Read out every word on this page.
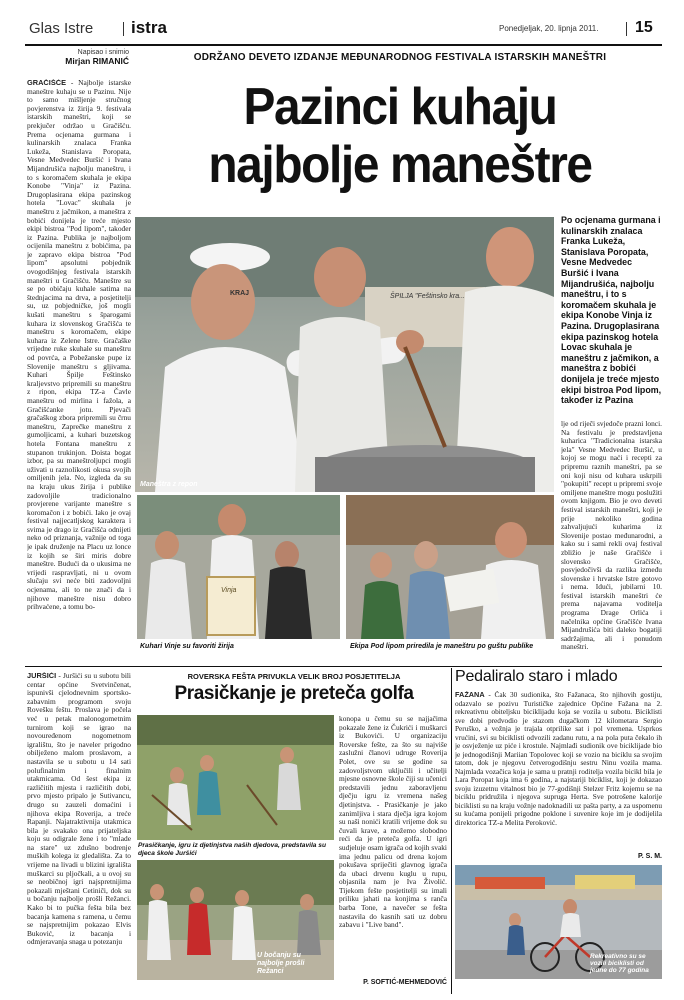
Glas Istre istra	Ponedjeljak, 20. lipnja 2011. 15
Napisao i snimio
Mirjan RIMANIĆ	ODRŽANO DEVETO IZDANJE MEĐUNARODNOG FESTIVALA ISTARSKIH MANEŠTRI
Pazinci kuhaju
najbolje maneštre
GRAČIŠĆE - Najbolje istarske maneštre kuhaju se u Pazinu. Nije to samo mišljenje stručnog povjerenstva iz žirija 9. festivala istarskih maneštri, koji se prekjučer održao u Gračišću. Prema ocjenama gurmana i kulinarskih znalaca Franka Lukeža, Stanislava Poropata, Vesne Medvedec Buršić i Ivana Mijandrušića najbolju maneštru, i to s koromačem skuhala je ekipa Konobe "Vinja" iz Pazina. Drugoplasirana ekipa pazinskog hotela "Lovac" skuhala je maneštru z jačmikon, a maneštra z bobići donijela je treće mjesto ekipi bistroa "Pod lipom", također iz Pazina. Publika je najboljom ocijenila maneštru z bobićima, pa je zapravo ekipa bistroa "Pod lipom" apsolutni pobjednik ovogodišnjeg festivala istarskih maneštri u Gračišću. Maneštre su se po običaju kuhale satima na štednjacima na drva, a posjetitelji su, uz pobjedničke, još mogli kušati maneštru s šparogami kuhara iz slovenskog Gračišća te maneštru s koromačem, ekipe kuhara iz Zelene Istre. Gračaške vrijedne ruke skuhale su maneštru od povrća, a Pobežanske pupe iz Slovenije maneštru s gljivama. Kuhari Špilje Feštinsko kraljevstvo pripremili su maneštru z ripon, ekipa TZ-a Čavle maneštru od mirlina i fažola, a Gračišćanke jotu. Pjevači gračaškog zbora pripremili su črnu maneštru, Zaprečke maneštru z gumoljicami, a kuhari buzetskog hotela Fontana maneštru z stupanon trukinjon. Doista bogat izbor, pa su maneštroljupci mogli uživati u raznolikosti okusa svojih omiljenih jela. No, izgleda da su na kraju ukus žirija i publike zadovoljile tradicionalno provjerene varijante maneštre s koromačon i z bobići. Iako je ovaj festival najjecatljskog karaktera i svima je drago iz Gračišća odnijeti neko od priznanja, važnije od toga je ipak druženje na Placu uz lonce iz kojih se širi miris dobre maneštre. Budući da o ukusima ne vrijedi raspravljati, ni u ovom slučaju svi neće biti zadovoljni ocjenama, ali to ne znači da i njihove maneštre nisu dobro prihvaćene, a tomu bo-
KRAJ	ŠPILJA "Feštinsko kra...
Maneštra z repon
Po ocjenama gurmana i kulinarskih znalaca Franka Lukeža, Stanislava Poropata, Vesne Medvedec Buršić i Ivana Mijandrušića, najbolju maneštru, i to s koromačem skuhala je ekipa Konobe Vinja iz Pazina. Drugoplasirana ekipa pazinskog hotela Lovac skuhala je maneštru z jačmikon, a maneštra z bobići donijela je treće mjesto ekipi bistroa Pod lipom, također iz Pazina
lje od riječi svjedoče prazni lonci. Na festivalu je predstavljena kuharica "Tradicionalna istarska jela" Vesne Medvedec Buršić, u kojoj se mogu naći i recepti za pripremu raznih maneštri, pa se oni koji nisu od kuhara uskrpili "pokupiti" recept u pripremi svoje omiljene maneštre mogu poslužiti ovom knjigom. Bio je ovo deveti festival istarskih maneštri, koji je prije nekoliko godina zahvaljujući kuharima iz Slovenije postao međunarodni, a kako su i sami rekli ovaj festival zbližio je naše Gračišće i slovensko Gračišće, posvjedočivši da razlika između slovenske i hrvatske Istre gotovo i nema. Idući, jubilarni 10. festival istarskih maneštri će prema najavama voditelja programa Drage Orlića i načelnika općine Gračišće Ivana Mijandrušića biti daleko bogatiji sadržajima, ali i ponudom maneštri.
Vinja
Kuhari Vinje su favoriti žirija	Ekipa Pod lipom priredila je maneštru po guštu publike
ROVERSKA FEŠTA PRIVUKLA VELIK BROJ POSJETITELJA
Prasičkanje je preteča golfa
JURŠIĆI - Juršići su u subotu bili centar općine Svetvinčenat, ispunivši cjelodnevnim sportsko-zabavnim programom svoju Rovešku feštu. Proslava je počela već u petak malonogometnim turnirom koji se igrao na novouređenom nogometnom igralištu, što je naveler prigodno obilježeno malom proslavom, a nastavila se u subotu u 14 sati polufinalnim i finalnim utakmicama. Od šest ekipa iz različitih mjesta i različitih dobi, prvo mjesto pripalo je Sutivancu, drugo su zauzeli domaćini i njihova ekipa Roverija, a treće Rapanji. Najatraktivnija utakmica bila je svakako ona prijateljska koju su odigrale žene i to "mlade na stare" uz zdušno bodrenje muških kolega iz gledališta. Za to vrijeme na livadi u blizini igrališta muškarci su pljočkali, a u ovoj su se neobičnoj igri najspretnijima pokazali mještani Cetiniči, dok su u bočanju najbolje prošli Režanci. Kako bi to pučka fešta bila bez bacanja kamena s ramena, u čemu se najspretnijim pokazao Elvis Buković, iz bacanja i odmjeravanja snaga u potezanju
Prasičkanje, igru iz djetinjstva naših djedova, predstavila su djeca škole Juršići
U bočanju su najbolje prošli Režanci
konopa u čemu su se najjačima pokazale žene iz Čukrići i muškarci iz Bukovići. U organizaciju Roverske fešte, za što su najviše zaslužni članovi udruge Roverija Polet, ove su se godine sa zadovoljstvom uključili i učitelji mjesne osnovne škole čiji su učenici predstavili jednu zaboravljenu dječju igru iz vremena našeg djetinjstva. - Prasičkanje je jako zanimljiva i stara dječja igra kojom su naši nonići kratili vrijeme dok su čuvali krave, a možemo slobodno reći da je preteča golfa. U igri sudjeluje osam igrača od kojih svaki ima jednu palicu od drena kojom pokušava spriječiti glavnog igrača da ubaci drvenu kuglu u rupu, objasnila nam je Iva Živolić. Tijekom fešte posjetitelji su imali priliku jahati na konjima s ranča barba Tone, a navečer se fešta nastavila do kasnih sati uz dobru zabavu i "Live band".
P. SOFTIĆ-MEHMEDOVIĆ
Pedaliralo staro i mlado
FAŽANA - Čak 30 sudionika, što Fažanaca, što njihovih gostiju, odazvalo se pozivu Turističke zajednice Općine Fažana na 2. rekreativnu obiteljsku biciklijadu koja se vozila u subotu. Biciklisti sve dobi predvodio je stazom dugačkom 12 kilometara Sergio Peruško, a vožnja je trajala otprilike sat i pol vremena. Usprkos vrućini, svi su biciklisti odvozili zadanu rutu, a na pola puta čekalo ih je osvježenje uz piće i krostule. Najmlađi sudionik ove biciklijade bio je jednogodišnji Mariian Topolovec koji se vozio na biciklu sa svojim tatom, dok je njegovu četverogodišnju sestru Ninu vozila mama. Najmlađa vozačica koja je sama u pratnji roditelja vozila bicikl bila je Lara Poropat koja ima 6 godina, a najstariji biciklist, koji je dokazao svoju izuzetnu vitalnost bio je 77-godišnji Stelzer Fritz kojemu se na biciklu pridružila i njegova supruga Herta. Sve potrošene kalorije biciklisti su na kraju vožnje nadoknadili uz pašta party, a za uspomenu su kućama ponijeli prigodne poklone i suvenire koje im je dodijelila direktorica TZ-a Melita Peroković.
P. S. M.
Rekreativno su se vozili biciklisti od jedne do 77 godina
